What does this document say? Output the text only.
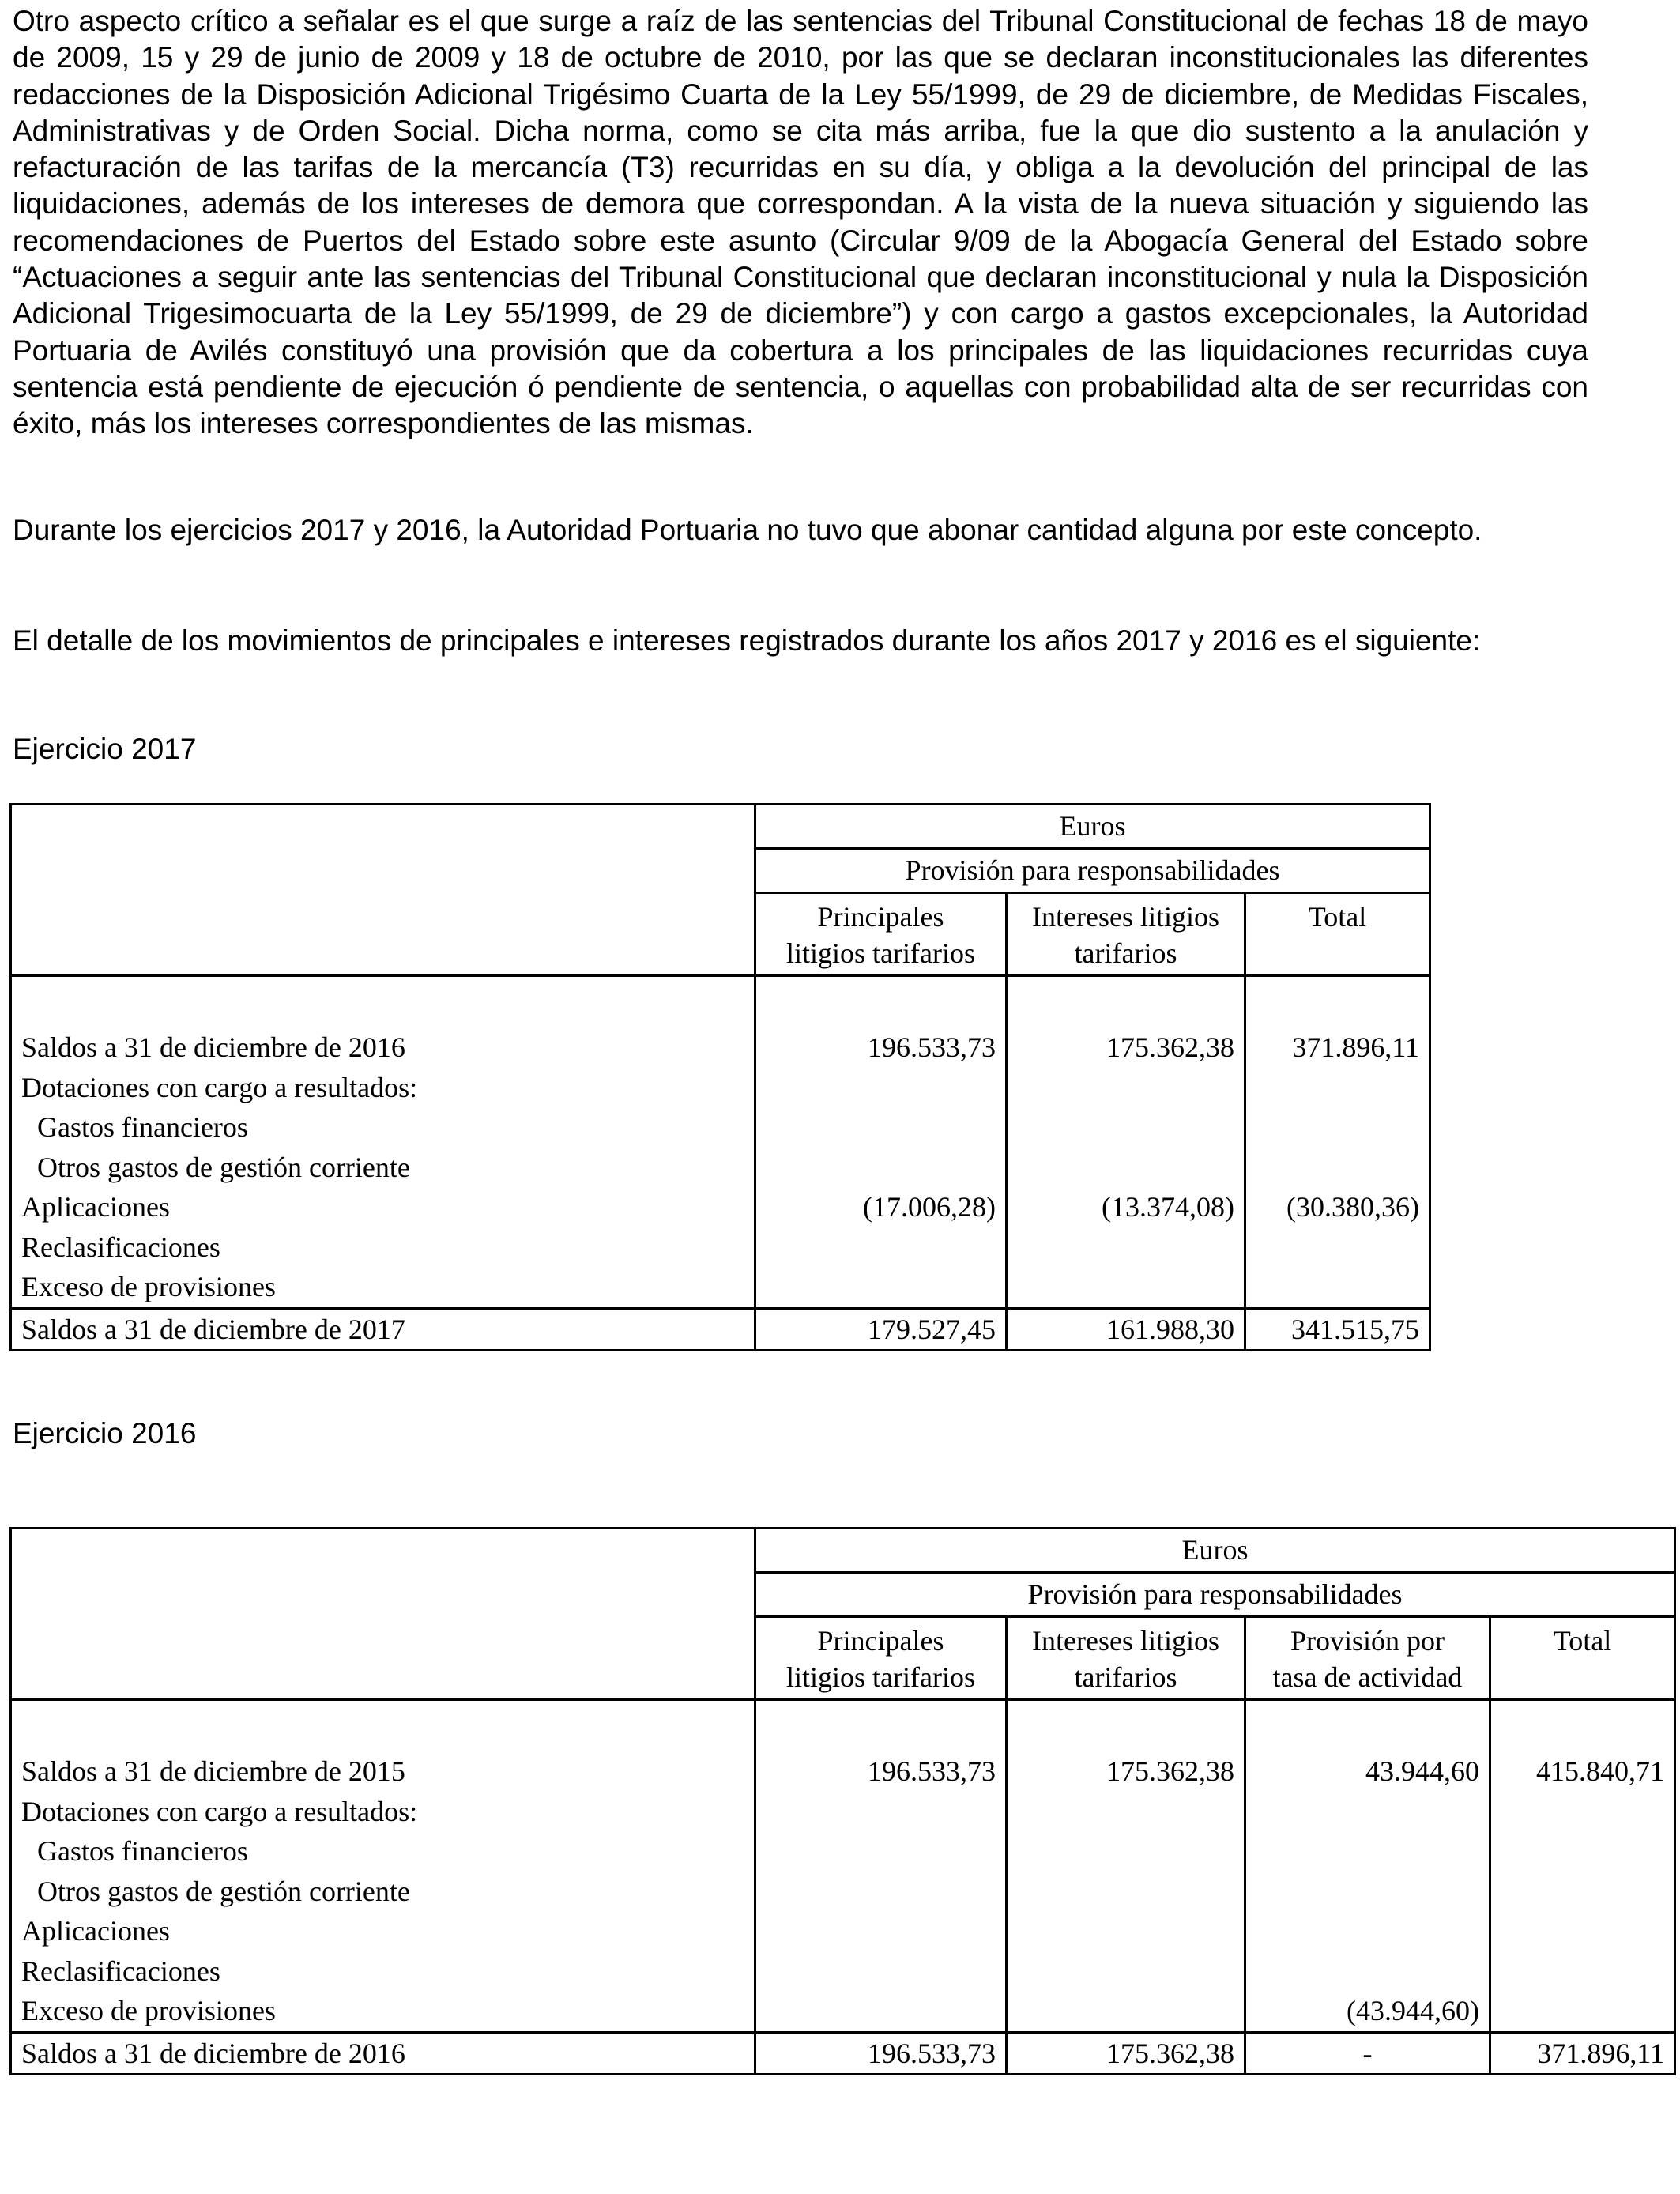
Otro aspecto crítico a señalar es el que surge a raíz de las sentencias del Tribunal Constitucional de fechas 18 de mayo de 2009, 15 y 29 de junio de 2009 y 18 de octubre de 2010, por las que se declaran inconstitucionales las diferentes redacciones de la Disposición Adicional Trigésimo Cuarta de la Ley 55/1999, de 29 de diciembre, de Medidas Fiscales, Administrativas y de Orden Social. Dicha norma, como se cita más arriba, fue la que dio sustento a la anulación y refacturación de las tarifas de la mercancía (T3) recurridas en su día, y obliga a la devolución del principal de las liquidaciones, además de los intereses de demora que correspondan. A la vista de la nueva situación y siguiendo las recomendaciones de Puertos del Estado sobre este asunto (Circular 9/09 de la Abogacía General del Estado sobre “Actuaciones a seguir ante las sentencias del Tribunal Constitucional que declaran inconstitucional y nula la Disposición Adicional Trigesimocuarta de la Ley 55/1999, de 29 de diciembre”) y con cargo a gastos excepcionales, la Autoridad Portuaria de Avilés constituyó una provisión que da cobertura a los principales de las liquidaciones recurridas cuya sentencia está pendiente de ejecución ó pendiente de sentencia, o aquellas con probabilidad alta de ser recurridas con éxito, más los intereses correspondientes de las mismas.

Durante los ejercicios 2017 y 2016, la Autoridad Portuaria no tuvo que abonar cantidad alguna por este concepto.

El detalle de los movimientos de principales e intereses registrados durante los años 2017 y 2016 es el siguiente:

Ejercicio 2017

	Euros		
	Provisión para responsabilidades		
	Principales
litigios tarifarios	Intereses litigios
tarifarios	Total

Saldos a 31 de diciembre de 2016	196.533,73	175.362,38	371.896,11
Dotaciones con cargo a resultados:			
Gastos financieros			
Otros gastos de gestión corriente			
Aplicaciones	(17.006,28)	(13.374,08)	(30.380,36)
Reclasificaciones			
Exceso de provisiones			
Saldos a 31 de diciembre de 2017	179.527,45	161.988,30	341.515,75

Ejercicio 2016

	Euros			
	Provisión para responsabilidades			
	Principales
litigios tarifarios	Intereses litigios
tarifarios	Provisión por
tasa de actividad	Total

Saldos a 31 de diciembre de 2015	196.533,73	175.362,38	43.944,60	415.840,71
Dotaciones con cargo a resultados:				
Gastos financieros				
Otros gastos de gestión corriente				
Aplicaciones				
Reclasificaciones				
Exceso de provisiones			(43.944,60)	
Saldos a 31 de diciembre de 2016	196.533,73	175.362,38	-	371.896,11
